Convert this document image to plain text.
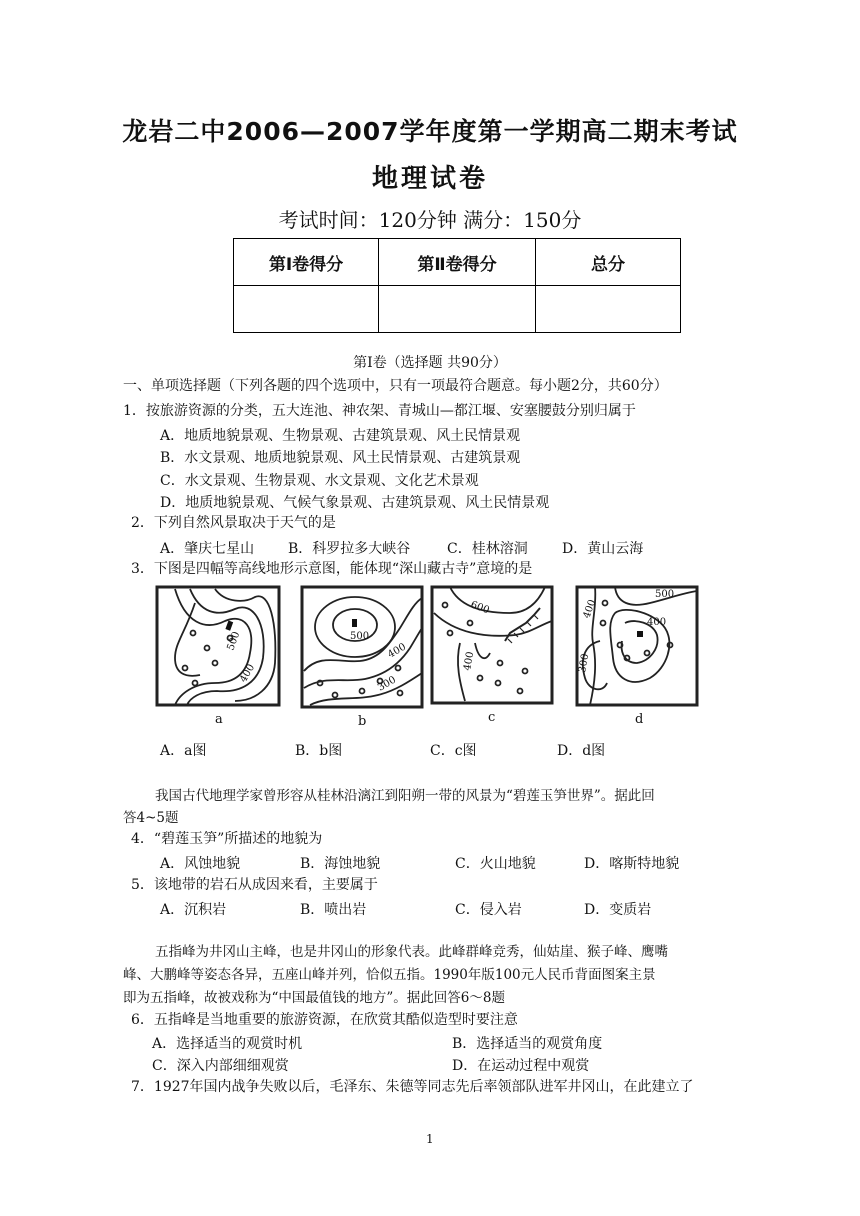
龙岩二中2006—2007学年度第一学期高二期末考试
地理试卷
考试时间：120分钟 满分：150分
第Ⅰ卷得分	第Ⅱ卷得分	总分

第Ⅰ卷（选择题 共90分）
一、单项选择题（下列各题的四个选项中，只有一项最符合题意。每小题2分，共60分）
1．按旅游资源的分类，五大连池、神农架、青城山—都江堰、安塞腰鼓分别归属于
A．地质地貌景观、生物景观、古建筑景观、风土民情景观
B．水文景观、地质地貌景观、风土民情景观、古建筑景观
C．水文景观、生物景观、水文景观、文化艺术景观
D．地质地貌景观、气候气象景观、古建筑景观、风土民情景观
2．下列自然风景取决于天气的是
A．肇庆七星山 B．科罗拉多大峡谷	C．桂林溶洞 D．黄山云海
3．下图是四幅等高线地形示意图，能体现“深山藏古寺”意境的是
500
400
a
500
400
300
b
600
400
c
500
400
400
300
d
A．a图	B．b图	C．c图	D．d图
我国古代地理学家曾形容从桂林沿漓江到阳朔一带的风景为“碧莲玉笋世界”。据此回
答4~5题
4．“碧莲玉笋”所描述的地貌为
A．风蚀地貌	B．海蚀地貌	C．火山地貌	D．喀斯特地貌
5．该地带的岩石从成因来看，主要属于
A．沉积岩	B．喷出岩	C．侵入岩	D．变质岩
五指峰为井冈山主峰，也是井冈山的形象代表。此峰群峰竞秀，仙姑崖、猴子峰、鹰嘴
峰、大鹏峰等姿态各异，五座山峰并列，恰似五指。1990年版100元人民币背面图案主景
即为五指峰，故被戏称为“中国最值钱的地方”。据此回答6～8题
6．五指峰是当地重要的旅游资源，在欣赏其酷似造型时要注意
A．选择适当的观赏时机	B．选择适当的观赏角度
C．深入内部细细观赏	D．在运动过程中观赏
7．1927年国内战争失败以后，毛泽东、朱德等同志先后率领部队进军井冈山，在此建立了
1
